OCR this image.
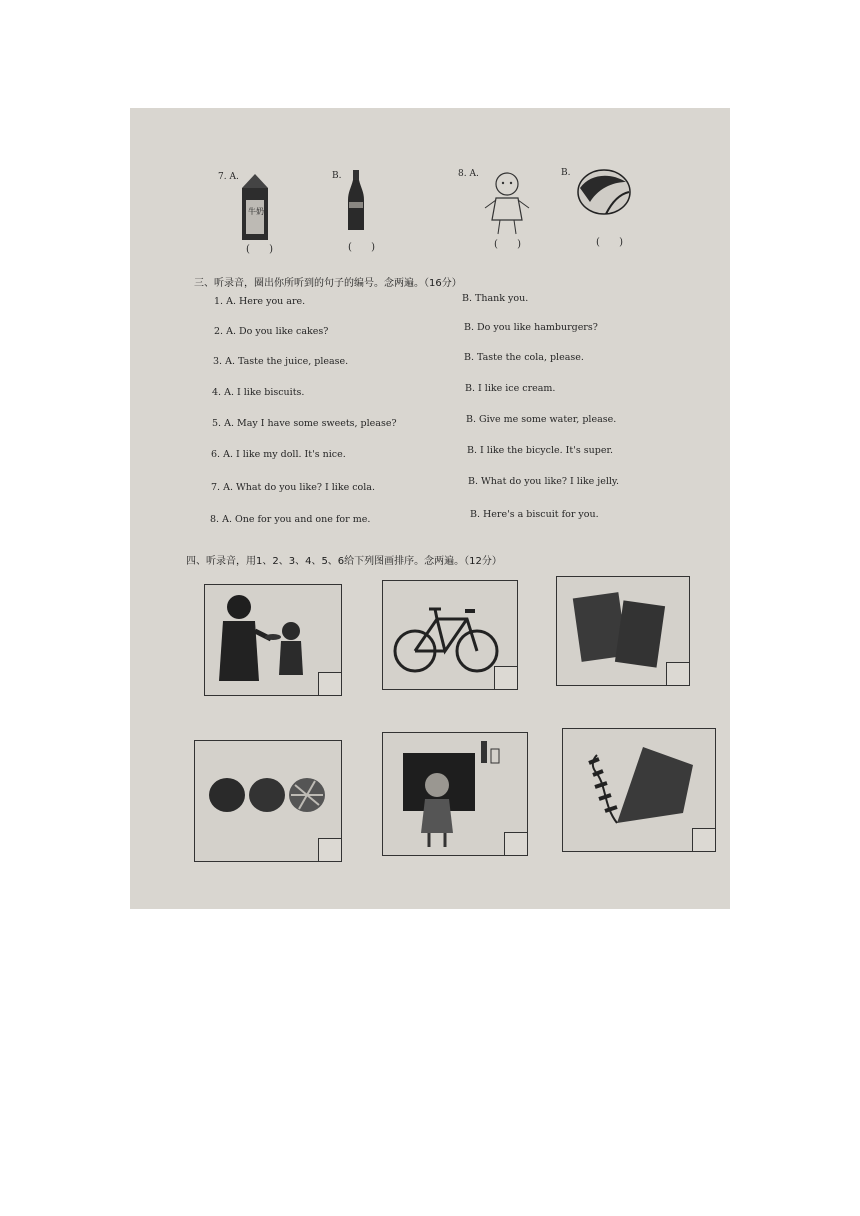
7. A.
牛奶
B.	8. A.	B.
( )	( )	( )	( )
三、听录音，圈出你所听到的句子的编号。念两遍。（16分）
1. A. Here you are.	B. Thank you.
2. A. Do you like cakes?	B. Do you like hamburgers?
3. A. Taste the juice, please.	B. Taste the cola, please.
4. A. I like biscuits.	B. I like ice cream.
5. A. May I have some sweets, please?	B. Give me some water, please.
6. A. I like my doll. It's nice.	B. I like the bicycle. It's super.
7. A. What do you like? I like cola.
B. What do you like? I like jelly.
8. A. One for you and one for me.	B. Here's a biscuit for you.
四、听录音，用1、2、3、4、5、6给下列图画排序。念两遍。（12分）
